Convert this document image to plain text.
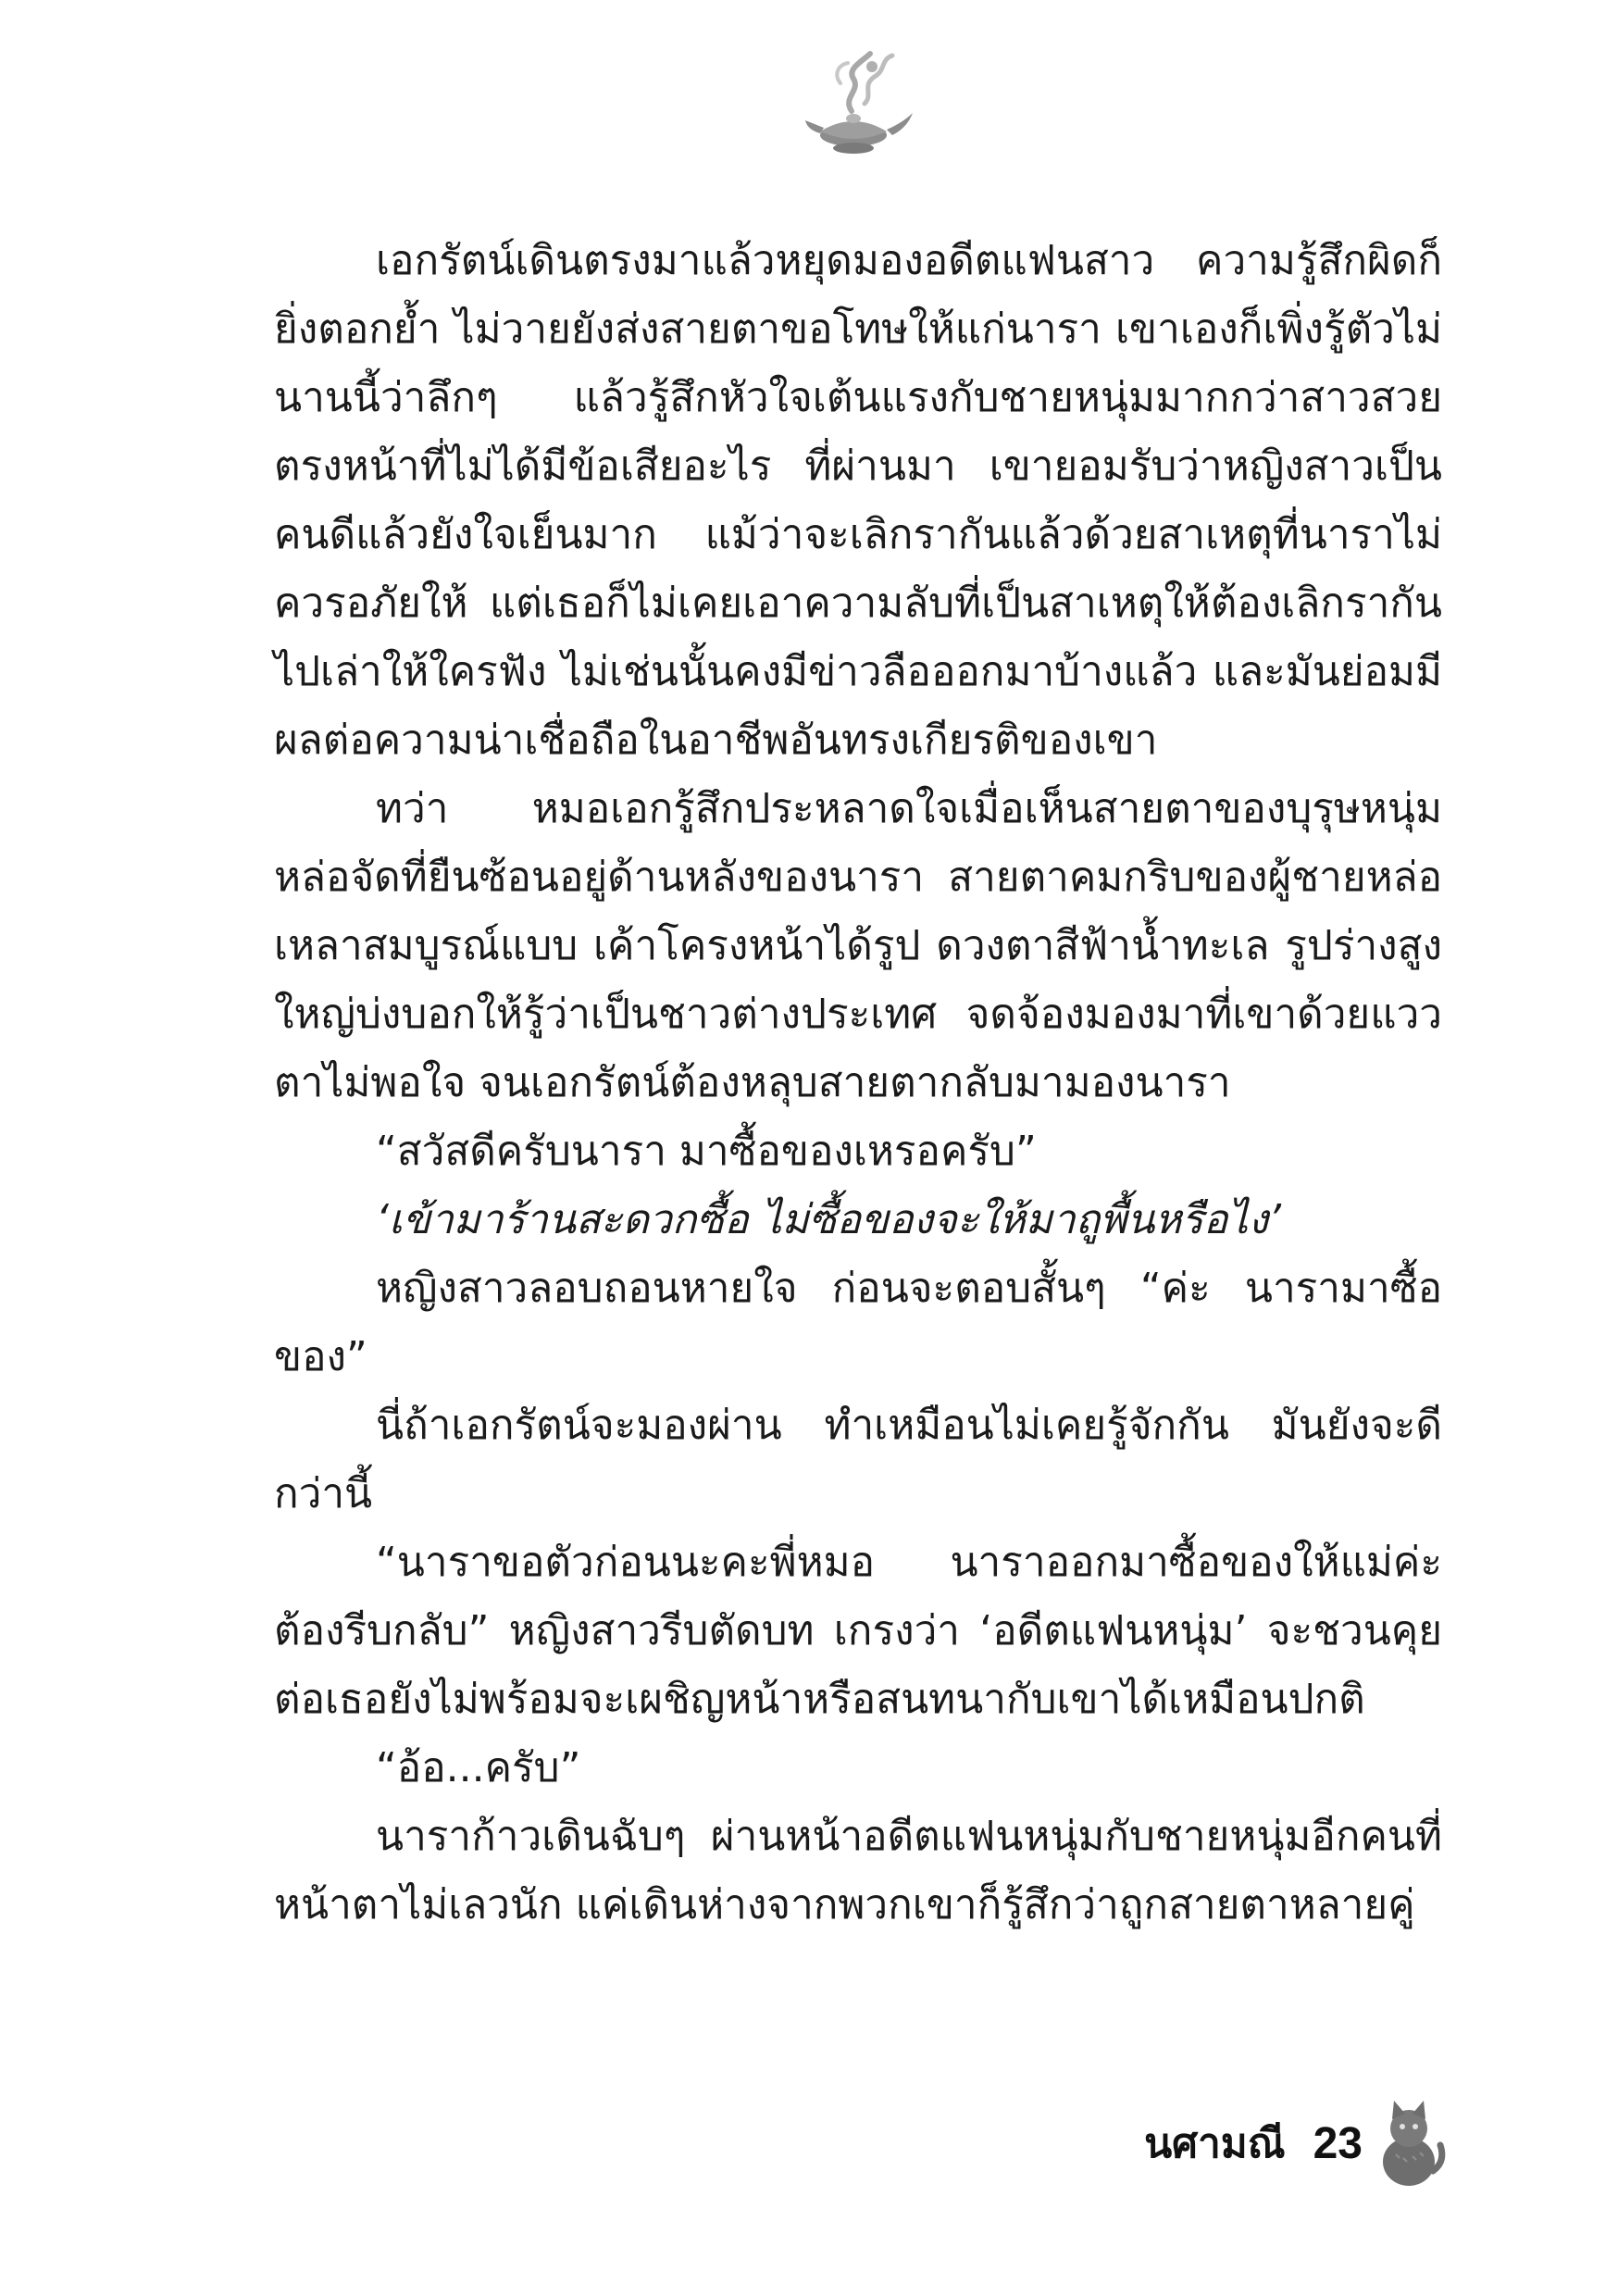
เอกรัตน์เดินตรงมาแล้วหยุดมองอดีตแฟนสาว ความรู้สึกผิดก็ยิ่งตอกย้ำ ไม่วายยังส่งสายตาขอโทษให้แก่นารา เขาเองก็เพิ่งรู้ตัวไม่นานนี้ว่าลึกๆ แล้วรู้สึกหัวใจเต้นแรงกับชายหนุ่มมากกว่าสาวสวยตรงหน้าที่ไม่ได้มีข้อเสียอะไร ที่ผ่านมา เขายอมรับว่าหญิงสาวเป็นคนดีแล้วยังใจเย็นมาก แม้ว่าจะเลิกรากันแล้วด้วยสาเหตุที่นาราไม่ควรอภัยให้ แต่เธอก็ไม่เคยเอาความลับที่เป็นสาเหตุให้ต้องเลิกรากันไปเล่าให้ใครฟัง ไม่เช่นนั้นคงมีข่าวลือออกมาบ้างแล้ว และมันย่อมมีผลต่อความน่าเชื่อถือในอาชีพอันทรงเกียรติของเขา

ทว่า หมอเอกรู้สึกประหลาดใจเมื่อเห็นสายตาของบุรุษหนุ่มหล่อจัดที่ยืนซ้อนอยู่ด้านหลังของนารา สายตาคมกริบของผู้ชายหล่อเหลาสมบูรณ์แบบ เค้าโครงหน้าได้รูป ดวงตาสีฟ้าน้ำทะเล รูปร่างสูงใหญ่บ่งบอกให้รู้ว่าเป็นชาวต่างประเทศ จดจ้องมองมาที่เขาด้วยแววตาไม่พอใจ จนเอกรัตน์ต้องหลุบสายตากลับมามองนารา

“สวัสดีครับนารา มาซื้อของเหรอครับ”

‘เข้ามาร้านสะดวกซื้อ ไม่ซื้อของจะให้มาถูพื้นหรือไง’

หญิงสาวลอบถอนหายใจ ก่อนจะตอบสั้นๆ “ค่ะ นารามาซื้อของ”

นี่ถ้าเอกรัตน์จะมองผ่าน ทำเหมือนไม่เคยรู้จักกัน มันยังจะดีกว่านี้

“นาราขอตัวก่อนนะคะพี่หมอ นาราออกมาซื้อของให้แม่ค่ะ ต้องรีบกลับ” หญิงสาวรีบตัดบท เกรงว่า ‘อดีตแฟนหนุ่ม’ จะชวนคุยต่อเธอยังไม่พร้อมจะเผชิญหน้าหรือสนทนากับเขาได้เหมือนปกติ

“อ้อ...ครับ”

นาราก้าวเดินฉับๆ ผ่านหน้าอดีตแฟนหนุ่มกับชายหนุ่มอีกคนที่หน้าตาไม่เลวนัก แค่เดินห่างจากพวกเขาก็รู้สึกว่าถูกสายตาหลายคู่

นศามณี 23
